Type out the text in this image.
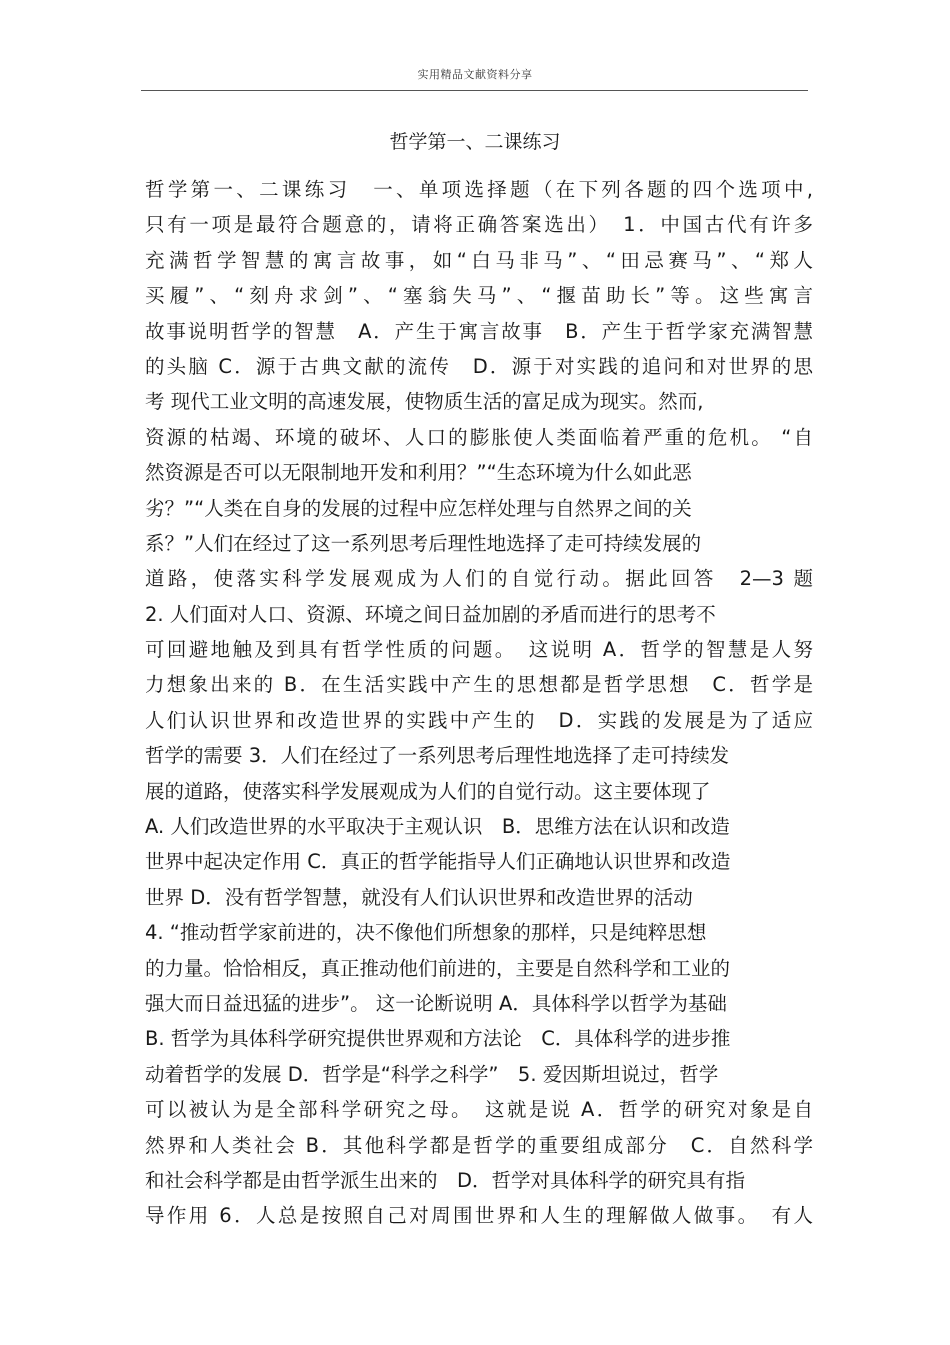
实用精品文献资料分享
哲学第一、二课练习
哲学第一、二课练习　一、单项选择题（在下列各题的四个选项中,
只有一项是最符合题意的，请将正确答案选出）　1．中国古代有许多
充满哲学智慧的寓言故事，如“白马非马”、“田忌赛马”、“郑人
买履”、“刻舟求剑”、“塞翁失马”、“揠苗助长”等。这些寓言
故事说明哲学的智慧　A．产生于寓言故事　B．产生于哲学家充满智慧
的头脑 C．源于古典文献的流传　D．源于对实践的追问和对世界的思
考 现代工业文明的高速发展，使物质生活的富足成为现实。然而,
资源的枯竭、环境的破坏、人口的膨胀使人类面临着严重的危机。 “自
然资源是否可以无限制地开发和利用？”“生态环境为什么如此恶
劣？”“人类在自身的发展的过程中应怎样处理与自然界之间的关
系？”人们在经过了这一系列思考后理性地选择了走可持续发展的
道路，使落实科学发展观成为人们的自觉行动。据此回答　2—3 题
2. 人们面对人口、资源、环境之间日益加剧的矛盾而进行的思考不
可回避地触及到具有哲学性质的问题。　这说明 A．哲学的智慧是人努
力想象出来的 B．在生活实践中产生的思想都是哲学思想　C．哲学是
人们认识世界和改造世界的实践中产生的　D．实践的发展是为了适应
哲学的需要 3．人们在经过了一系列思考后理性地选择了走可持续发
展的道路，使落实科学发展观成为人们的自觉行动。这主要体现了
A. 人们改造世界的水平取决于主观认识　B．思维方法在认识和改造
世界中起决定作用 C．真正的哲学能指导人们正确地认识世界和改造
世界 D．没有哲学智慧，就没有人们认识世界和改造世界的活动
4. “推动哲学家前进的，决不像他们所想象的那样，只是纯粹思想
的力量。恰恰相反，真正推动他们前进的，主要是自然科学和工业的
强大而日益迅猛的进步”。 这一论断说明 A．具体科学以哲学为基础
B. 哲学为具体科学研究提供世界观和方法论　C．具体科学的进步推
动着哲学的发展 D．哲学是“科学之科学”　5. 爱因斯坦说过，哲学
可以被认为是全部科学研究之母。　这就是说 A．哲学的研究对象是自
然界和人类社会 B．其他科学都是哲学的重要组成部分　C．自然科学
和社会科学都是由哲学派生出来的　D．哲学对具体科学的研究具有指
导作用 6．人总是按照自己对周围世界和人生的理解做人做事。　有人
